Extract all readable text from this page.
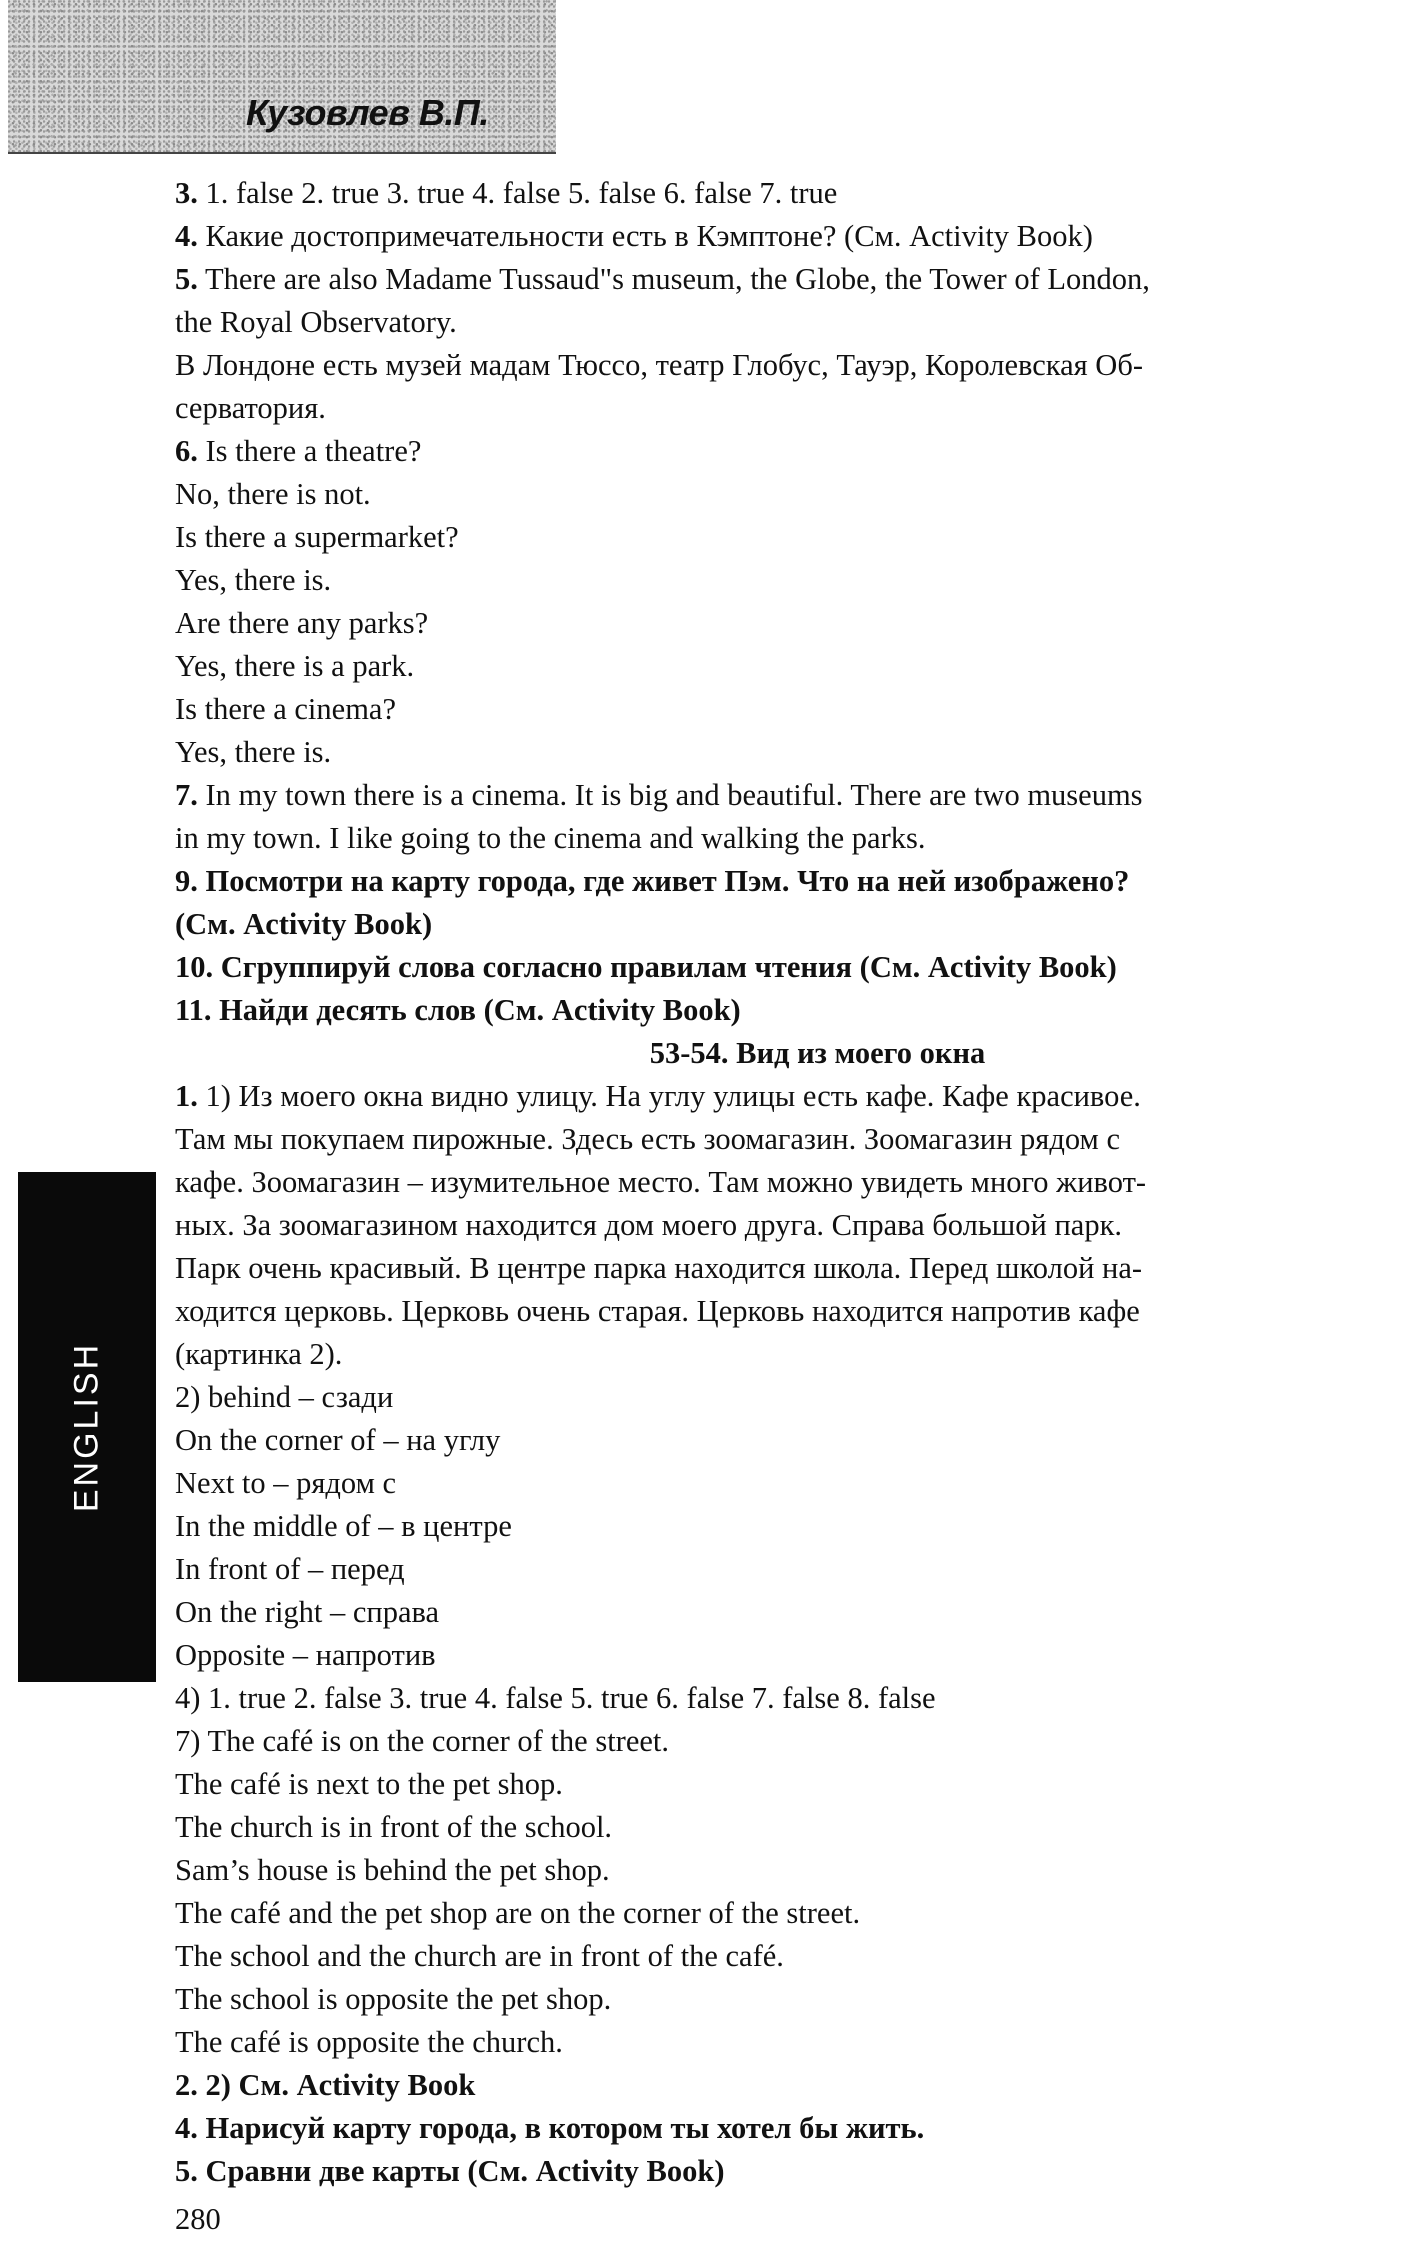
Кузовлев В.П.
ENGLISH
3. 1. false 2. true 3. true 4. false 5. false 6. false 7. true
4. Какие достопримечательности есть в Кэмптоне? (См. Activity Book)
5. There are also Madame Tussaud"s museum, the Globe, the Tower of London,
the Royal Observatory.
В Лондоне есть музей мадам Тюссо, театр Глобус, Тауэр, Королевская Об-
серватория.
6. Is there a theatre?
No, there is not.
Is there a supermarket?
Yes, there is.
Are there any parks?
Yes, there is a park.
Is there a cinema?
Yes, there is.
7. In my town there is a cinema. It is big and beautiful. There are two museums
in my town. I like going to the cinema and walking the parks.
9. Посмотри на карту города, где живет Пэм. Что на ней изображено?
(См. Activity Book)
10. Сгруппируй слова согласно правилам чтения (См. Activity Book)
11. Найди десять слов (См. Activity Book)
53-54. Вид из моего окна
1. 1) Из моего окна видно улицу. На углу улицы есть кафе. Кафе красивое.
Там мы покупаем пирожные. Здесь есть зоомагазин. Зоомагазин рядом с
кафе. Зоомагазин – изумительное место. Там можно увидеть много живот-
ных. За зоомагазином находится дом моего друга. Справа большой парк.
Парк очень красивый. В центре парка находится школа. Перед школой на-
ходится церковь. Церковь очень старая. Церковь находится напротив кафе
(картинка 2).
2) behind – сзади
On the corner of – на углу
Next to – рядом с
In the middle of – в центре
In front of – перед
On the right – справа
Opposite – напротив
4) 1. true 2. false 3. true 4. false 5. true 6. false 7. false 8. false
7) The café is on the corner of the street.
The café is next to the pet shop.
The church is in front of the school.
Sam’s house is behind the pet shop.
The café and the pet shop are on the corner of the street.
The school and the church are in front of the café.
The school is opposite the pet shop.
The café is opposite the church.
2. 2) См. Activity Book
4. Нарисуй карту города, в котором ты хотел бы жить.
5. Сравни две карты (См. Activity Book)
280
